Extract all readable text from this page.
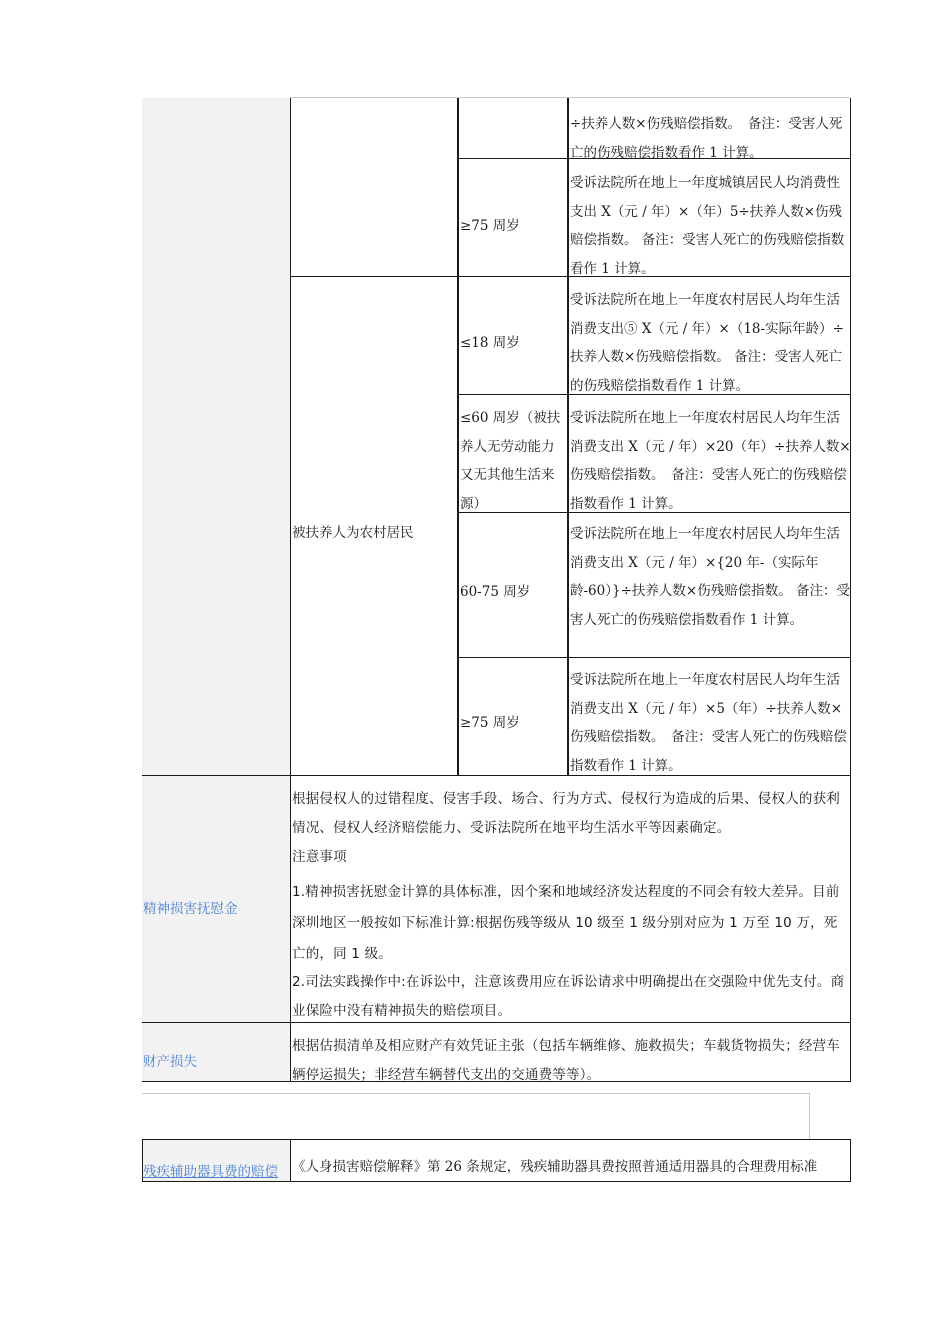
≥75 周岁
≤18 周岁
≤60 周岁（被扶养人无劳动能力又无其他生活来源）
60-75 周岁
≥75 周岁
÷扶养人数×伤残赔偿指数。　备注：受害人死亡的伤残赔偿指数看作 1 计算。
受诉法院所在地上一年度城镇居民人均消费性支出 X（元 / 年）×（年）5÷扶养人数×伤残赔偿指数。 备注：受害人死亡的伤残赔偿指数看作 1 计算。
受诉法院所在地上一年度农村居民人均年生活消费支出⑤ X（元 / 年）×（18-实际年龄）÷扶养人数×伤残赔偿指数。 备注：受害人死亡的伤残赔偿指数看作 1 计算。
受诉法院所在地上一年度农村居民人均年生活消费支出 X（元 / 年）×20（年）÷扶养人数×伤残赔偿指数。　备注：受害人死亡的伤残赔偿指数看作 1 计算。
受诉法院所在地上一年度农村居民人均年生活消费支出 X（元 / 年）×{20 年-（实际年龄-60）}÷扶养人数×伤残赔偿指数。 备注：受害人死亡的伤残赔偿指数看作 1 计算。
受诉法院所在地上一年度农村居民人均年生活消费支出 X（元 / 年）×5（年）÷扶养人数×伤残赔偿指数。　备注：受害人死亡的伤残赔偿指数看作 1 计算。
被扶养人为农村居民
精神损害抚慰金
根据侵权人的过错程度、侵害手段、场合、行为方式、侵权行为造成的后果、侵权人的获利情况、侵权人经济赔偿能力、受诉法院所在地平均生活水平等因素确定。
注意事项
1.精神损害抚慰金计算的具体标准，因个案和地域经济发达程度的不同会有较大差异。目前深圳地区一般按如下标准计算:根据伤残等级从 10 级至 1 级分别对应为 1 万至 10 万，死亡的，同 1 级。
2.司法实践操作中:在诉讼中，注意该费用应在诉讼请求中明确提出在交强险中优先支付。商业保险中没有精神损失的赔偿项目。
财产损失
根据估损清单及相应财产有效凭证主张（包括车辆维修、施救损失；车载货物损失；经营车辆停运损失；非经营车辆替代支出的交通费等等）。
残疾辅助器具费的赔偿	《人身损害赔偿解释》第 26 条规定，残疾辅助器具费按照普通适用器具的合理费用标准
